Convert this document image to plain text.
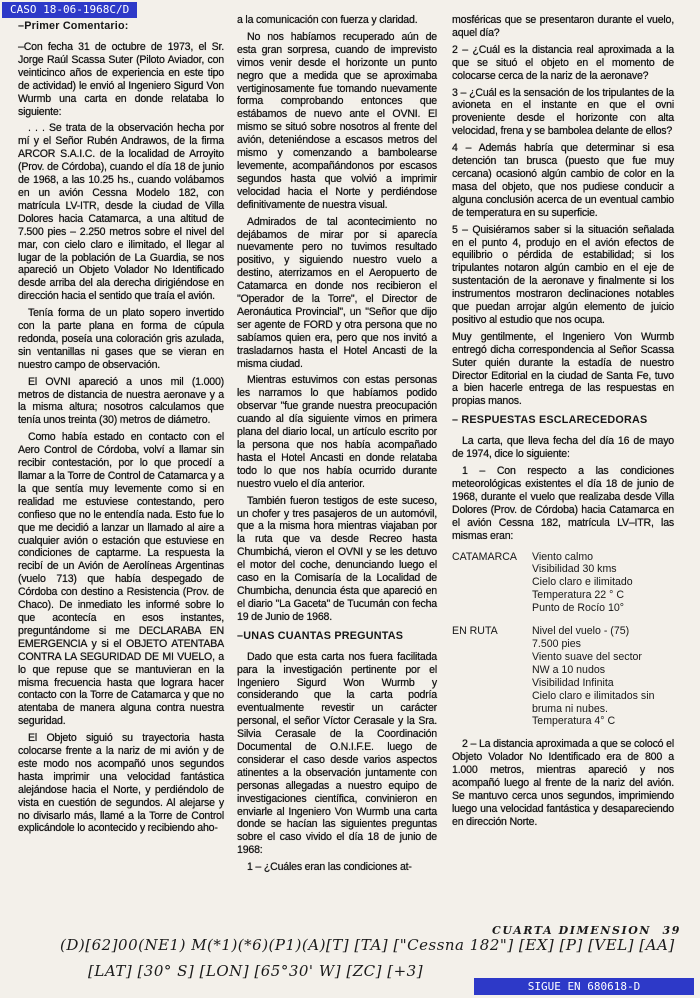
CASO 18-06-1968C/D
–Primer Comentario:

–Con fecha 31 de octubre de 1973, el Sr. Jorge Raúl Scassa Suter (Piloto Aviador, con veinticinco años de experiencia en este tipo de actividad) le envió al Ingeniero Sigurd Von Wurmb una carta en donde relataba lo siguiente:

. . . Se trata de la observación hecha por mí y el Señor Rubén Andrawos, de la firma ARCOR S.A.I.C. de la localidad de Arroyito (Prov. de Córdoba), cuando el día 18 de junio de 1968, a las 10.25 hs., cuando volábamos en un avión Cessna Modelo 182, con matrícula LV-ITR, desde la ciudad de Villa Dolores hacia Catamarca, a una altitud de 7.500 pies – 2.250 metros sobre el nivel del mar, con cielo claro e ilimitado, el llegar al lugar de la población de La Guardia, se nos apareció un Objeto Volador No Identificado desde arriba del ala derecha dirigiéndose en dirección hacia el sentido que traía el avión.

Tenía forma de un plato sopero invertido con la parte plana en forma de cúpula redonda, poseía una coloración gris azulada, sin ventanillas ni gases que se vieran en nuestro campo de observación.

El OVNI apareció a unos mil (1.000) metros de distancia de nuestra aeronave y a la misma altura; nosotros calculamos que tenía unos treinta (30) metros de diámetro.

Como había estado en contacto con el Aero Control de Córdoba, volví a llamar sin recibir contestación, por lo que procedí a llamar a la Torre de Control de Catamarca y a la que sentía muy levemente como si en realidad me estuviese contestando, pero confieso que no le entendía nada. Esto fue lo que me decidió a lanzar un llamado al aire a cualquier avión o estación que estuviese en condiciones de captarme. La respuesta la recibí de un Avión de Aerolíneas Argentinas (vuelo 713) que había despegado de Córdoba con destino a Resistencia (Prov. de Chaco). De inmediato les informé sobre lo que acontecía en esos instantes, preguntándome si me DECLARABA EN EMERGENCIA y si el OBJETO ATENTABA CONTRA LA SEGURIDAD DE MI VUELO, a lo que repuse que se mantuvieran en la misma frecuencia hasta que lograra hacer contacto con la Torre de Catamarca y que no atentaba de manera alguna contra nuestra seguridad.

El Objeto siguió su trayectoria hasta colocarse frente a la nariz de mi avión y de este modo nos acompañó unos segundos hasta imprimir una velocidad fantástica alejándose hacia el Norte, y perdiéndolo de vista en cuestión de segundos. Al alejarse y no divisarlo más, llamé a la Torre de Control explicándole lo acontecido y recibiendo aho-

a la comunicación con fuerza y claridad.

No nos habíamos recuperado aún de esta gran sorpresa, cuando de imprevisto vimos venir desde el horizonte un punto negro que a medida que se aproximaba vertiginosamente fue tomando nuevamente forma comprobando entonces que estábamos de nuevo ante el OVNI. El mismo se situó sobre nosotros al frente del avión, deteniéndose a escasos metros del mismo y comenzando a bambolearse levemente, acompañándonos por escasos segundos hasta que volvió a imprimir velocidad hacia el Norte y perdiéndose definitivamente de nuestra visual.

Admirados de tal acontecimiento no dejábamos de mirar por si aparecía nuevamente pero no tuvimos resultado positivo, y siguiendo nuestro vuelo a destino, aterrizamos en el Aeropuerto de Catamarca en donde nos recibieron el "Operador de la Torre", el Director de Aeronáutica Provincial", un "Señor que dijo ser agente de FORD y otra persona que no sabíamos quien era, pero que nos invitó a trasladarnos hasta el Hotel Ancasti de la misma ciudad.

Mientras estuvimos con estas personas les narramos lo que habíamos podido observar "fue grande nuestra preocupación cuando al día siguiente vimos en primera plana del diario local, un artículo escrito por la persona que nos había acompañado hasta el Hotel Ancasti en donde relataba todo lo que nos había ocurrido durante nuestro vuelo el día anterior.

También fueron testigos de este suceso, un chofer y tres pasajeros de un automóvil, que a la misma hora mientras viajaban por la ruta que va desde Recreo hasta Chumbichá, vieron el OVNI y se les detuvo el motor del coche, denunciando luego el caso en la Comisaría de la Localidad de Chumbicha, denuncia ésta que apareció en el diario "La Gaceta" de Tucumán con fecha 19 de Junio de 1968.

–UNAS CUANTAS PREGUNTAS

Dado que esta carta nos fuera facilitada para la investigación pertinente por el Ingeniero Sigurd Won Wurmb y considerando que la carta podría eventualmente revestir un carácter personal, el señor Víctor Cerasale y la Sra. Silvia Cerasale de la Coordinación Documental de O.N.I.F.E. luego de considerar el caso desde varios aspectos atinentes a la observación juntamente con personas allegadas a nuestro equipo de investigaciones científica, convinieron en enviarle al Ingeniero Von Wurmb una carta donde se hacían las siguientes preguntas sobre el caso vivido el día 18 de junio de 1968:

1 – ¿Cuáles eran las condiciones at-

mosféricas que se presentaron durante el vuelo, aquel día?

2 – ¿Cuál es la distancia real aproximada a la que se situó el objeto en el momento de colocarse cerca de la nariz de la aeronave?

3 – ¿Cuál es la sensación de los tripulantes de la avioneta en el instante en que el ovni proveniente desde el horizonte con alta velocidad, frena y se bambolea delante de ellos?

4 – Además habría que determinar si esa detención tan brusca (puesto que fue muy cercana) ocasionó algún cambio de color en la masa del objeto, que nos pudiese conducir a alguna conclusión acerca de un eventual cambio de temperatura en su superficie.

5 – Quisiéramos saber si la situación señalada en el punto 4, produjo en el avión efectos de equilibrio o pérdida de estabilidad; si los tripulantes notaron algún cambio en el eje de sustentación de la aeronave y finalmente si los instrumentos mostraron declinaciones notables que puedan arrojar algún elemento de juicio positivo al estudio que nos ocupa.

Muy gentilmente, el Ingeniero Von Wurmb entregó dicha correspondencia al Señor Scassa Suter quién durante la estadía de nuestro Director Editorial en la ciudad de Santa Fe, tuvo a bien hacerle entrega de las respuestas en propias manos.

– RESPUESTAS ESCLARECEDORAS

La carta, que lleva fecha del día 16 de mayo de 1974, dice lo siguiente:

1 – Con respecto a las condiciones meteorológicas existentes el día 18 de junio de 1968, durante el vuelo que realizaba desde Villa Dolores (Prov. de Córdoba) hacia Catamarca en el avión Cessna 182, matrícula LV–ITR, las mismas eran:

CATAMARCA	Viento calmo
Visibilidad 30 kms
Cielo claro e ilimitado
Temperatura 22 ° C
Punto de Rocío 10°
EN RUTA	Nivel del vuelo - (75)
7.500 pies
Viento suave del sector
NW a 10 nudos
Visibilidad Infinita
Cielo claro e ilimitados sin bruma ni nubes.
Temperatura 4° C

2 – La distancia aproximada a que se colocó el Objeto Volador No Identificado era de 800 a 1.000 metros, mientras apareció y nos acompañó luego al frente de la nariz del avión. Se mantuvo cerca unos segundos, imprimiendo luego una velocidad fantástica y desapareciendo en dirección Norte.

CUARTA DIMENSION 39
(D)[62]00(NE1) M(*1)(*6)(P1)(A)[T] [TA] ["Cessna 182"] [EX] [P] [VEL] [AA]
[LAT] [30° S] [LON] [65°30' W] [ZC] [+3]
SIGUE EN 680618-D
